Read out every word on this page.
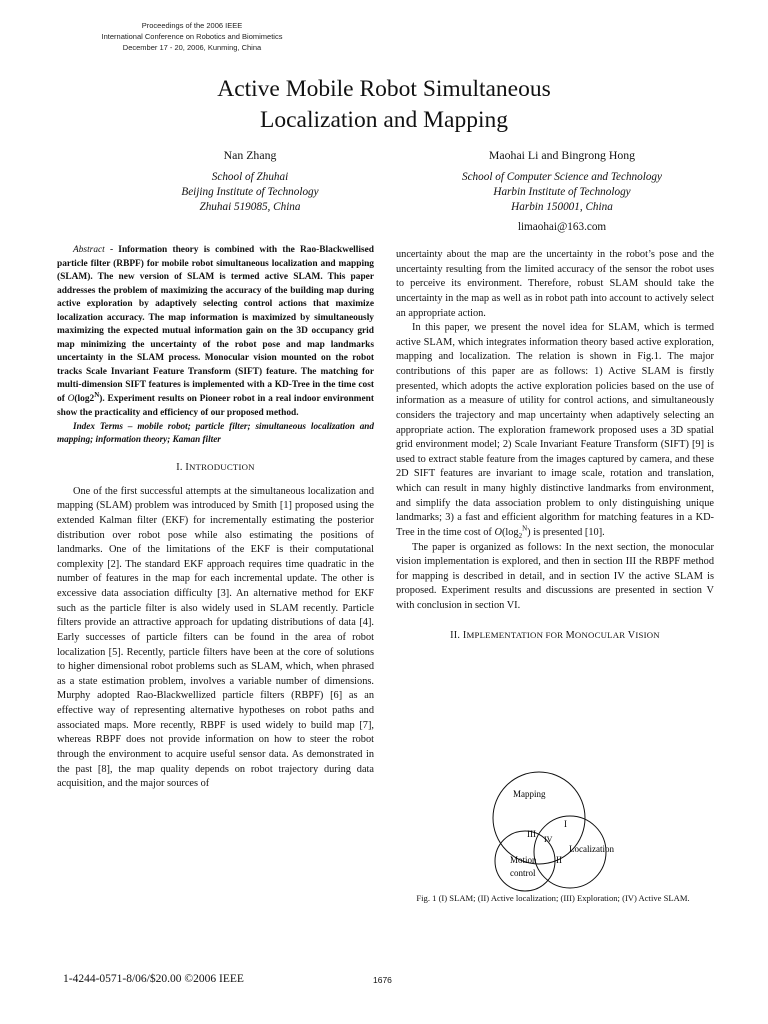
Proceedings of the 2006 IEEE
International Conference on Robotics and Biomimetics
December 17 - 20, 2006, Kunming, China
Active Mobile Robot Simultaneous
Localization and Mapping
Nan Zhang
School of Zhuhai
Beijing Institute of Technology
Zhuhai 519085, China
Maohai Li and Bingrong Hong
School of Computer Science and Technology
Harbin Institute of Technology
Harbin 150001, China
limaohai@163.com

Abstract - Information theory is combined with the Rao-Blackwellised particle filter (RBPF) for mobile robot simultaneous localization and mapping (SLAM). The new version of SLAM is termed active SLAM. This paper addresses the problem of maximizing the accuracy of the building map during active exploration by adaptively selecting control actions that maximize localization accuracy. The map information is maximized by simultaneously maximizing the expected mutual information gain on the 3D occupancy grid map minimizing the uncertainty of the robot pose and map landmarks uncertainty in the SLAM process. Monocular vision mounted on the robot tracks Scale Invariant Feature Transform (SIFT) feature. The matching for multi-dimension SIFT features is implemented with a KD-Tree in the time cost of $O(\log 2^N)$. Experiment results on Pioneer robot in a real indoor environment show the practicality and efficiency of our proposed method.

Index Terms – mobile robot; particle filter; simultaneous localization and mapping; information theory; Kaman filter

I. INTRODUCTION

One of the first successful attempts at the simultaneous localization and mapping (SLAM) problem was introduced by Smith [1] proposed using the extended Kalman filter (EKF) for incrementally estimating the posterior distribution over robot pose while also estimating the positions of landmarks. One of the limitations of the EKF is their computational complexity [2]. The standard EKF approach requires time quadratic in the number of features in the map for each incremental update. The other is excessive data association difficulty [3]. An alternative method for EKF such as the particle filter is also widely used in SLAM recently. Particle filters provide an attractive approach for updating distributions of data [4]. Early successes of particle filters can be found in the area of robot localization [5]. Recently, particle filters have been at the core of solutions to higher dimensional robot problems such as SLAM, which, when phrased as a state estimation problem, involves a variable number of dimensions. Murphy adopted Rao-Blackwellized particle filters (RBPF) [6] as an effective way of representing alternative hypotheses on robot paths and associated maps. More recently, RBPF is used widely to build map [7], whereas RBPF does not provide information on how to steer the robot through the environment to acquire useful sensor data. As demonstrated in the past [8], the map quality depends on robot trajectory during data acquisition, and the major sources of

uncertainty about the map are the uncertainty in the robot’s pose and the uncertainty resulting from the limited accuracy of the sensor the robot uses to perceive its environment. Therefore, robust SLAM should take the uncertainty in the map as well as in robot path into account to actively select an appropriate action.

In this paper, we present the novel idea for SLAM, which is termed active SLAM, which integrates information theory based active exploration, mapping and localization. The relation is shown in Fig.1. The major contributions of this paper are as follows: 1) Active SLAM is firstly presented, which adopts the active exploration policies based on the use of information as a measure of utility for control actions, and simultaneously considers the trajectory and map uncertainty when adaptively selecting an appropriate action. The exploration framework proposed uses a 3D spatial grid environment model; 2) Scale Invariant Feature Transform (SIFT) [9] is used to extract stable feature from the images captured by camera, and these 2D SIFT features are invariant to image scale, rotation and translation, which can result in many highly distinctive landmarks from environment, and simplify the data association problem to only distinguishing unique landmarks; 3) a fast and efficient algorithm for matching features in a KD-Tree in the time cost of $O(\log_2^N)$ is presented [10].

The paper is organized as follows: In the next section, the monocular vision implementation is explored, and then in section III the RBPF method for mapping is described in detail, and in section IV the active SLAM is proposed. Experiment results and discussions are presented in section V with conclusion in section VI.

II. IMPLEMENTATION FOR MONOCULAR VISION
Mapping
Localization
Motion
control
I
II
III
IV
Fig. 1 (I) SLAM; (II) Active localization; (III) Exploration; (IV) Active SLAM.
1-4244-0571-8/06/$20.00 ©2006 IEEE	1676
